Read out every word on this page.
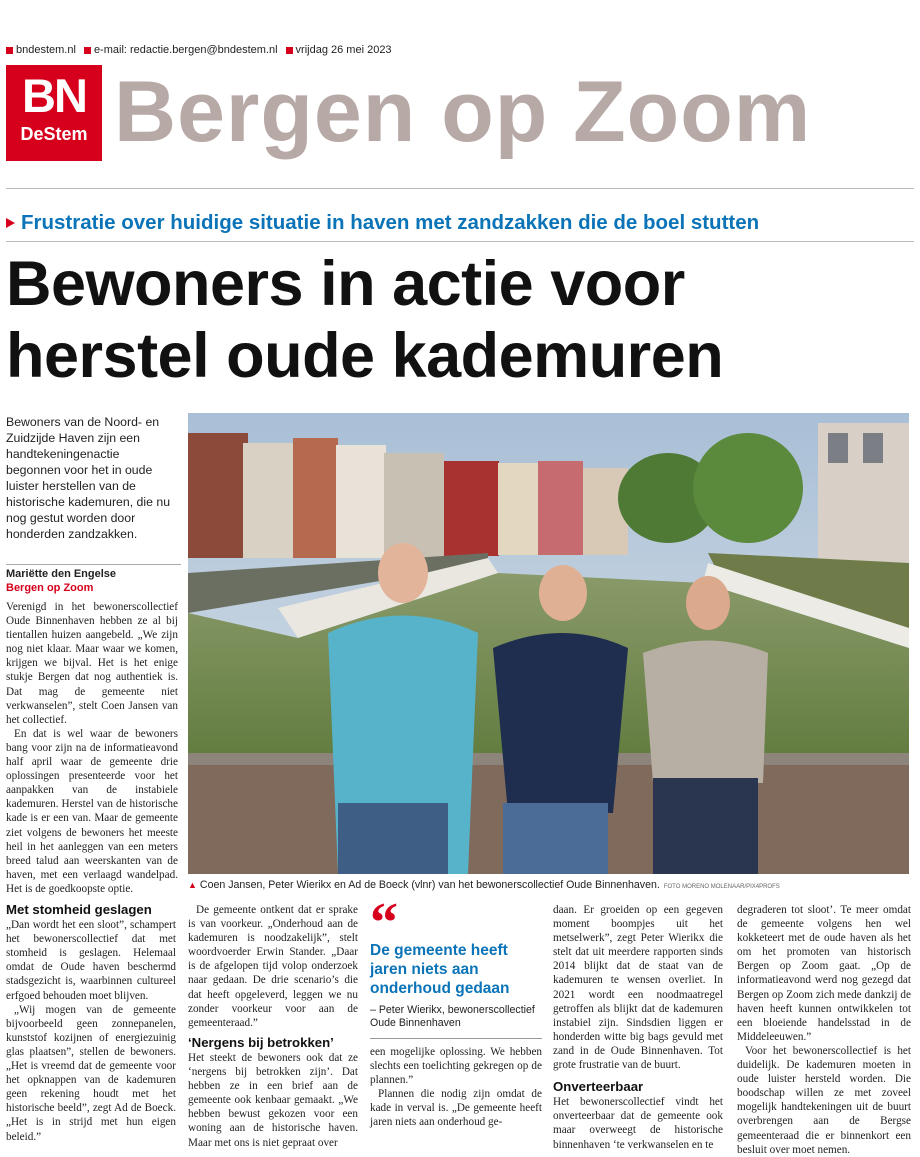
bndestem.nl	e-mail: redactie.bergen@bndestem.nl	vrijdag 26 mei 2023
BN
DeStem Bergen op Zoom
Frustratie over huidige situatie in haven met zandzakken die de boel stutten
Bewoners in actie voor
herstel oude kademuren
Bewoners van de Noord- en Zuidzijde Haven zijn een handtekeningenactie begonnen voor het in oude luister herstellen van de historische kademuren, die nu nog gestut worden door honderden zandzakken.
Mariëtte den Engelse
Bergen op Zoom

Verenigd in het bewonerscollectief Oude Binnenhaven hebben ze al bij tientallen huizen aangebeld. „We zijn nog niet klaar. Maar waar we komen, krijgen we bijval. Het is het enige stukje Bergen dat nog authentiek is. Dat mag de gemeente niet verkwanselen”, stelt Coen Jansen van het collectief.

En dat is wel waar de bewoners bang voor zijn na de informatieavond half april waar de gemeente drie oplossingen presenteerde voor het aanpakken van de instabiele kademuren. Herstel van de historische kade is er een van. Maar de gemeente ziet volgens de bewoners het meeste heil in het aanleggen van een meters breed talud aan weerskanten van de haven, met een verlaagd wandelpad. Het is de goedkoopste optie.	▲ Coen Jansen, Peter Wierikx en Ad de Boeck (vlnr) van het bewonerscollectief Oude Binnenhaven. FOTO MORENO MOLENAAR/PIX4PROFS
Met stomheid geslagen

„Dan wordt het een sloot”, schampert het bewonerscollectief dat met stomheid is geslagen. Helemaal omdat de Oude haven beschermd stadsgezicht is, waarbinnen cultureel erfgoed behouden moet blijven.

„Wij mogen van de gemeente bijvoorbeeld geen zonnepanelen, kunststof kozijnen of energiezuinig glas plaatsen”, stellen de bewoners. „Het is vreemd dat de gemeente voor het opknappen van de kademuren geen rekening houdt met het historische beeld”, zegt Ad de Boeck. „Het is in strijd met hun eigen beleid.”

De gemeente ontkent dat er sprake is van voorkeur. „Onderhoud aan de kademuren is noodzakelijk”, stelt woordvoerder Erwin Stander. „Daar is de afgelopen tijd volop onderzoek naar gedaan. De drie scenario’s die dat heeft opgeleverd, leggen we nu zonder voorkeur voor aan de gemeenteraad.”

‘Nergens bij betrokken’

Het steekt de bewoners ook dat ze ‘nergens bij betrokken zijn’. Dat hebben ze in een brief aan de gemeente ook kenbaar gemaakt. „We hebben bewust gekozen voor een woning aan de historische haven. Maar met ons is niet gepraat over

“
De gemeente heeft jaren niets aan onderhoud gedaan
– Peter Wierikx, bewonerscollectief Oude Binnenhaven

een mogelijke oplossing. We hebben slechts een toelichting gekregen op de plannen.”

Plannen die nodig zijn omdat de kade in verval is. „De gemeente heeft jaren niets aan onderhoud ge-

daan. Er groeiden op een gegeven moment boompjes uit het metselwerk”, zegt Peter Wierikx die stelt dat uit meerdere rapporten sinds 2014 blijkt dat de staat van de kademuren te wensen overliet. In 2021 wordt een noodmaatregel getroffen als blijkt dat de kademuren instabiel zijn. Sindsdien liggen er honderden witte big bags gevuld met zand in de Oude Binnenhaven. Tot grote frustratie van de buurt.

Onverteerbaar

Het bewonerscollectief vindt het onverteerbaar dat de gemeente ook maar overweegt de historische binnenhaven ‘te verkwanselen en te

degraderen tot sloot’. Te meer omdat de gemeente volgens hen wel kokketeert met de oude haven als het om het promoten van historisch Bergen op Zoom gaat. „Op de informatieavond werd nog gezegd dat Bergen op Zoom zich mede dankzij de haven heeft kunnen ontwikkelen tot een bloeiende handelsstad in de Middeleeuwen.”

Voor het bewonerscollectief is het duidelijk. De kademuren moeten in oude luister hersteld worden. Die boodschap willen ze met zoveel mogelijk handtekeningen uit de buurt overbrengen aan de Bergse gemeenteraad die er binnenkort een besluit over moet nemen.
